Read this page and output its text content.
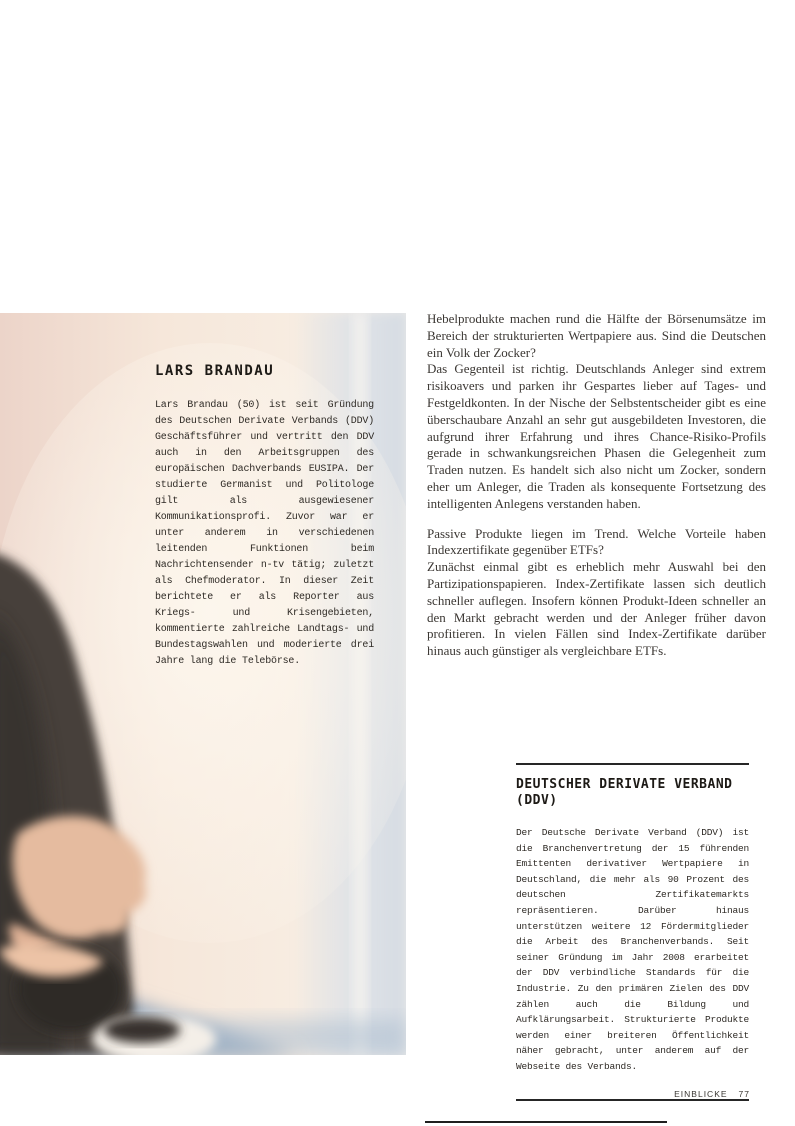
LARS BRANDAU

Lars Brandau (50) ist seit Gründung des Deutschen Derivate Verbands (DDV) Geschäftsführer und vertritt den DDV auch in den Arbeitsgruppen des europäischen Dachverbands EUSIPA. Der studierte Germanist und Politologe gilt als ausgewiesener Kommunikationsprofi. Zuvor war er unter anderem in verschiedenen leitenden Funktionen beim Nachrichtensender n-tv tätig; zuletzt als Chefmoderator. In dieser Zeit berichtete er als Reporter aus Kriegs- und Krisengebieten, kommentierte zahlreiche Landtags- und Bundestagswahlen und moderierte drei Jahre lang die Telebörse.

Hebelprodukte machen rund die Hälfte der Börsenumsätze im Bereich der strukturierten Wertpapiere aus. Sind die Deutschen ein Volk der Zocker?

Das Gegenteil ist richtig. Deutschlands Anleger sind extrem risikoavers und parken ihr Gespartes lieber auf Tages- und Festgeldkonten. In der Nische der Selbstentscheider gibt es eine überschaubare Anzahl an sehr gut ausgebildeten Investoren, die aufgrund ihrer Erfahrung und ihres Chance-Risiko-Profils gerade in schwankungsreichen Phasen die Gelegenheit zum Traden nutzen. Es handelt sich also nicht um Zocker, sondern eher um Anleger, die Traden als konsequente Fortsetzung des intelligenten Anlegens verstanden haben.

Passive Produkte liegen im Trend. Welche Vorteile haben Indexzertifikate gegenüber ETFs?

Zunächst einmal gibt es erheblich mehr Auswahl bei den Partizipationspapieren. Index-Zertifikate lassen sich deutlich schneller auflegen. Insofern können Produkt-Ideen schneller an den Markt gebracht werden und der Anleger früher davon profitieren. In vielen Fällen sind Index-Zertifikate darüber hinaus auch günstiger als vergleichbare ETFs.

DEUTSCHER DERIVATE VERBAND (DDV)

Der Deutsche Derivate Verband (DDV) ist die Branchenvertretung der 15 führenden Emittenten derivativer Wertpapiere in Deutschland, die mehr als 90 Prozent des deutschen Zertifikatemarkts repräsentieren. Darüber hinaus unterstützen weitere 12 Fördermitglieder die Arbeit des Branchenverbands. Seit seiner Gründung im Jahr 2008 erarbeitet der DDV verbindliche Standards für die Industrie. Zu den primären Zielen des DDV zählen auch die Bildung und Aufklärungsarbeit. Strukturierte Produkte werden einer breiteren Öffentlichkeit näher gebracht, unter anderem auf der Webseite des Verbands.

EINBLICKE 77
